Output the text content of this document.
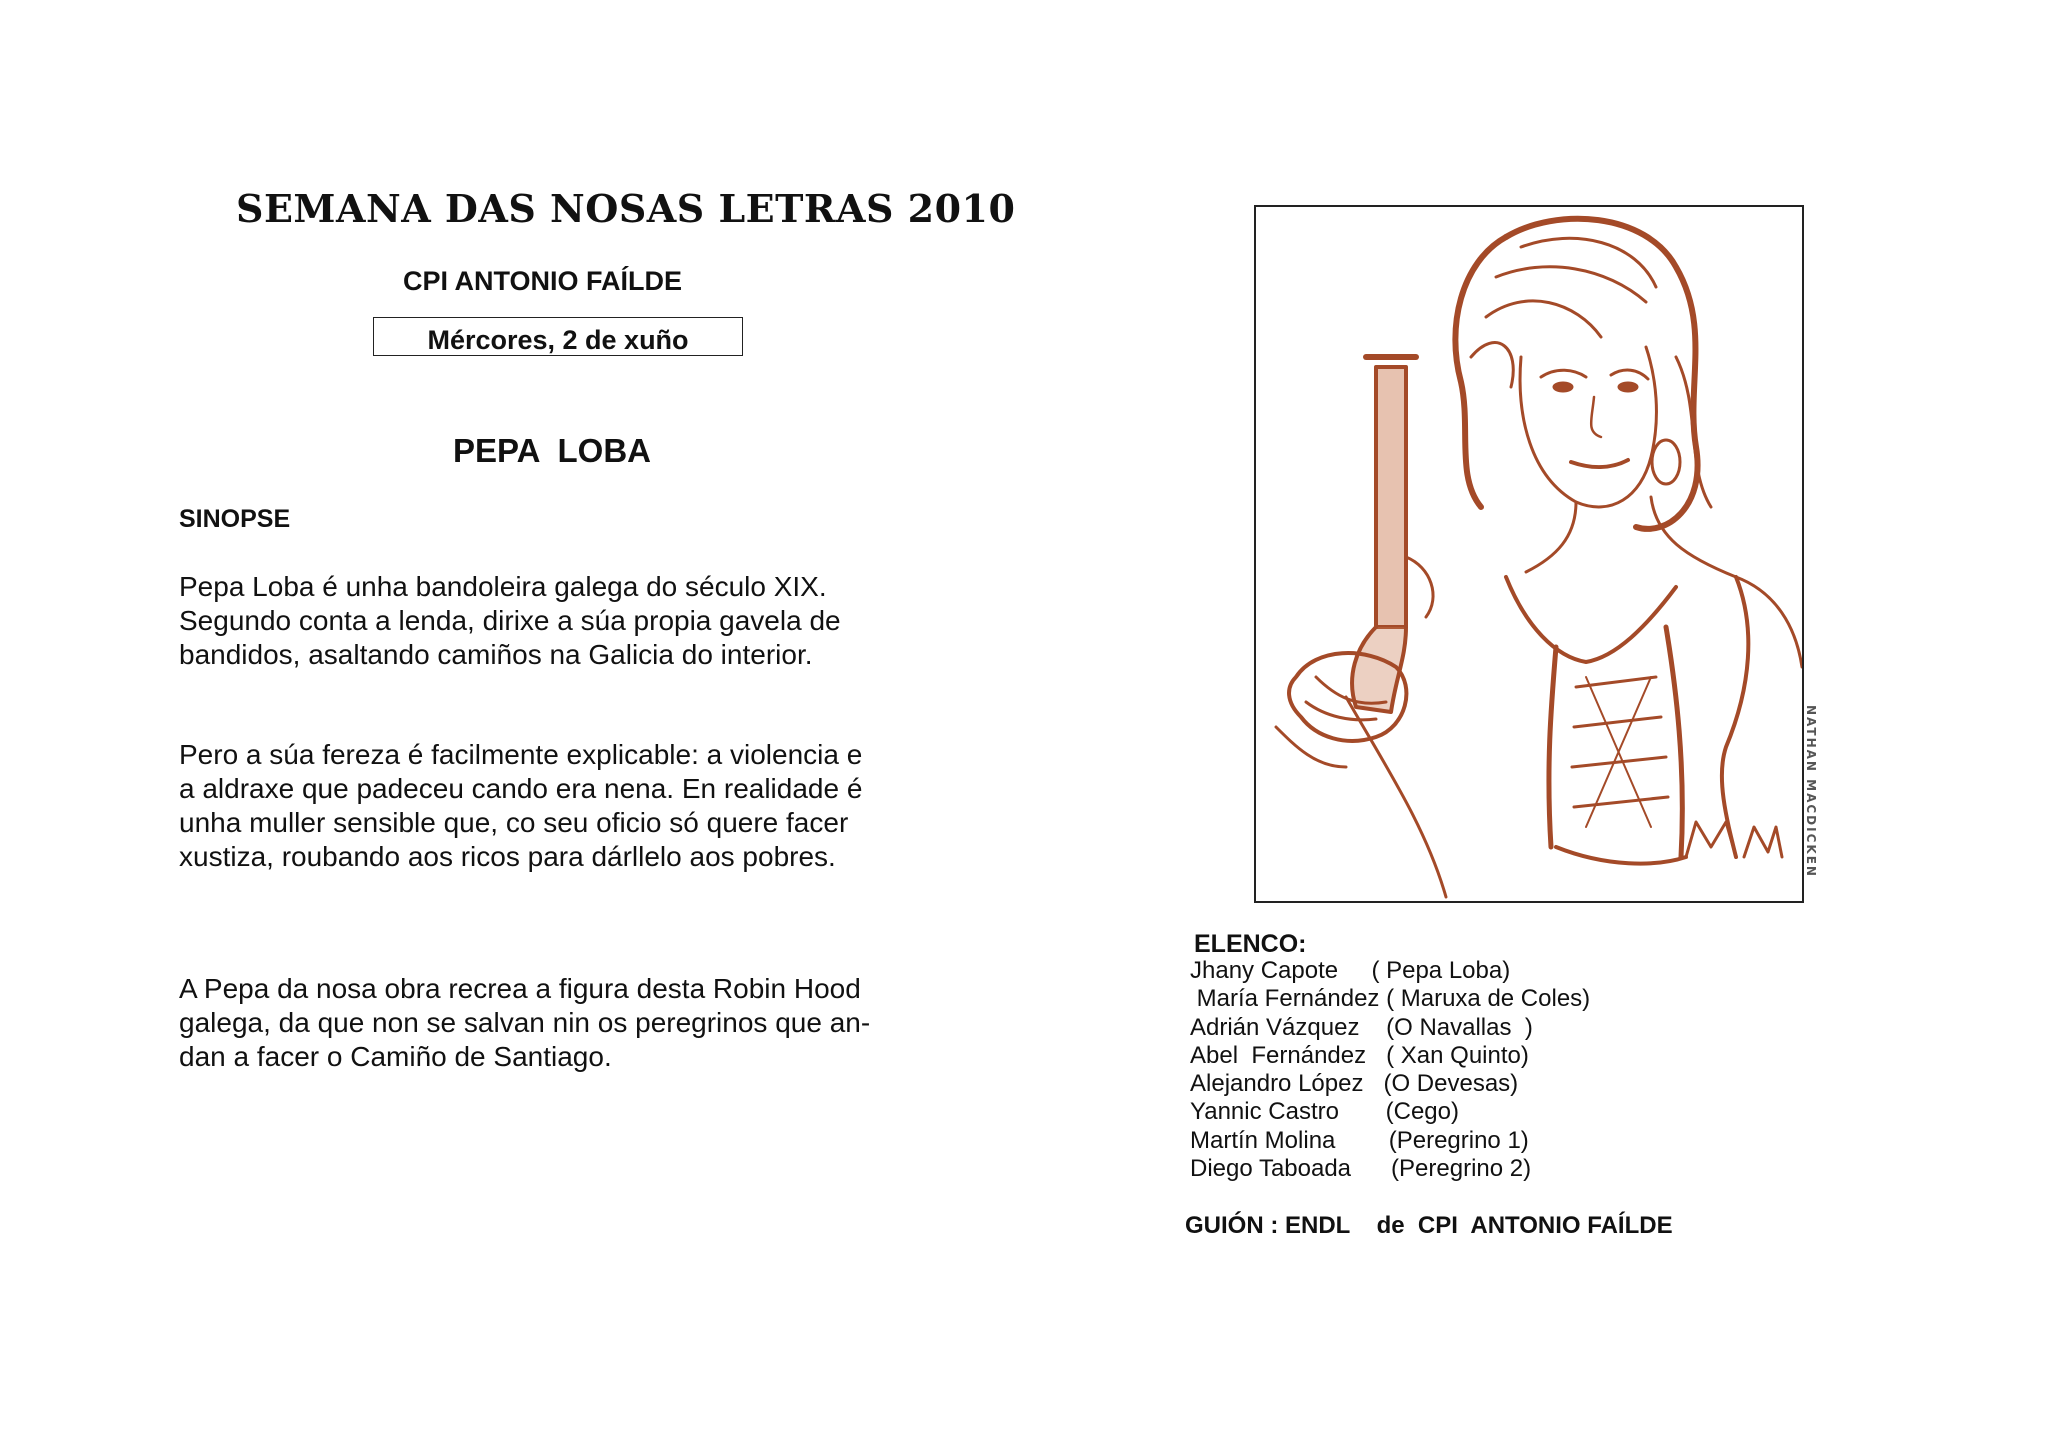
SEMANA DAS NOSAS LETRAS 2010
CPI ANTONIO FAÍLDE
Mércores, 2 de xuño
PEPA  LOBA
SINOPSE
Pepa Loba é unha bandoleira galega do século XIX.
Segundo conta a lenda, dirixe a súa propia gavela de
bandidos, asaltando camiños na Galicia do interior.
Pero a súa fereza é facilmente explicable: a violencia e
a aldraxe que padeceu cando era nena. En realidade é
unha muller sensible que, co seu oficio só quere facer
xustiza, roubando aos ricos para dárllelo aos pobres.
A Pepa da nosa obra recrea a figura desta Robin Hood
galega, da que non se salvan nin os peregrinos que an-
dan a facer o Camiño de Santiago.
NATHAN MACDICKEN
ELENCO:
Jhany Capote     ( Pepa Loba)
María Fernández ( Maruxa de Coles)
Adrián Vázquez    (O Navallas  )
Abel  Fernández   ( Xan Quinto)
Alejandro López   (O Devesas)
Yannic Castro       (Cego)
Martín Molina        (Peregrino 1)
Diego Taboada      (Peregrino 2)
GUIÓN : ENDL    de  CPI  ANTONIO FAÍLDE
